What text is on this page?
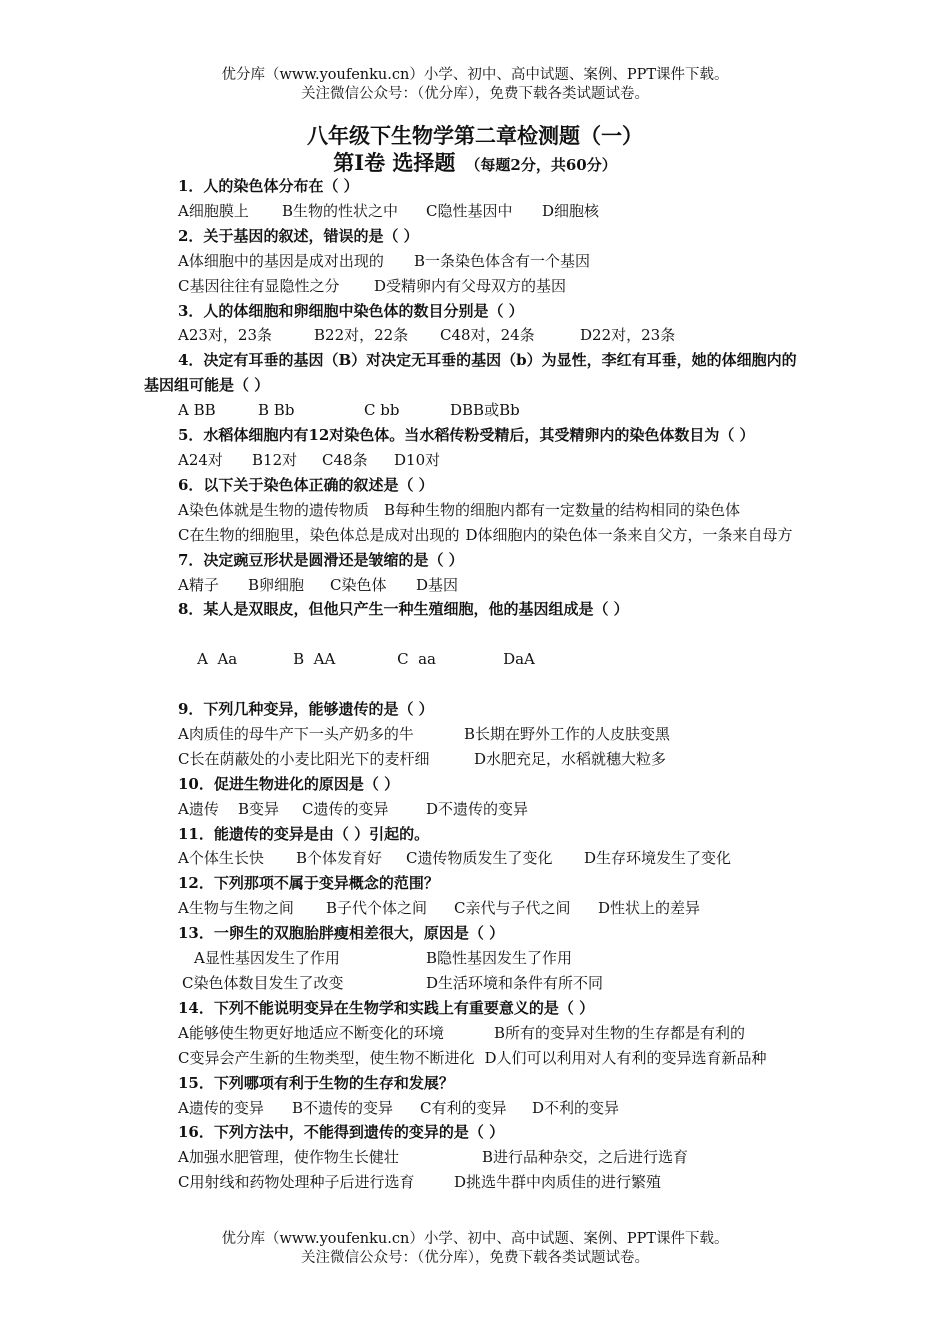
优分库（www.youfenku.cn）小学、初中、高中试题、案例、PPT课件下载。
关注微信公众号：（优分库），免费下载各类试题试卷。
八年级下生物学第二章检测题（一）
第Ⅰ卷 选择题 （每题2分，共60分）
1．人的染色体分布在（ ）
A细胞膜上 B生物的性状之中 C隐性基因中 D细胞核
2．关于基因的叙述，错误的是（ ）
A体细胞中的基因是成对出现的 B一条染色体含有一个基因
C基因往往有显隐性之分 D受精卵内有父母双方的基因
3．人的体细胞和卵细胞中染色体的数目分别是（ ）
A23对，23条	B22对，22条 C48对，24条	D22对，23条
4．决定有耳垂的基因（B）对决定无耳垂的基因（b）为显性，李红有耳垂，她的体细胞内的基因组可能是（ ）
A BB	B Bb	C bb	DBB或Bb
5．水稻体细胞内有12对染色体。当水稻传粉受精后，其受精卵内的染色体数目为（ ）
A24对 B12对 C48条 D10对
6．以下关于染色体正确的叙述是（ ）
A染色体就是生物的遗传物质 B每种生物的细胞内都有一定数量的结构相同的染色体
C在生物的细胞里，染色体总是成对出现的 D体细胞内的染色体一条来自父方，一条来自母方
7．决定豌豆形状是圆滑还是皱缩的是（ ）
A精子 B卵细胞 C染色体 D基因
8．某人是双眼皮，但他只产生一种生殖细胞，他的基因组成是（ ）

A  Aa	B  AA	C  aa	DaA

9．下列几种变异，能够遗传的是（ ）
A肉质佳的母牛产下一头产奶多的牛	B长期在野外工作的人皮肤变黑
C长在荫蔽处的小麦比阳光下的麦杆细	D水肥充足，水稻就穗大粒多
10．促进生物进化的原因是（ ）
A遗传 B变异 C遗传的变异	D不遗传的变异
11．能遗传的变异是由（ ）引起的。
A个体生长快 B个体发育好 C遗传物质发生了变化 D生存环境发生了变化
12．下列那项不属于变异概念的范围？
A生物与生物之间 B子代个体之间 C亲代与子代之间 D性状上的差异
13．一卵生的双胞胎胖瘦相差很大，原因是（ ）
A显性基因发生了作用	B隐性基因发生了作用
C染色体数目发生了改变	D生活环境和条件有所不同
14．下列不能说明变异在生物学和实践上有重要意义的是（ ）
A能够使生物更好地适应不断变化的环境	B所有的变异对生物的生存都是有利的
C变异会产生新的生物类型，使生物不断进化 D人们可以利用对人有利的变异选育新品种
15．下列哪项有利于生物的生存和发展？
A遗传的变异 B不遗传的变异 C有利的变异 D不利的变异
16．下列方法中，不能得到遗传的变异的是（ ）
A加强水肥管理，使作物生长健壮	B进行品种杂交，之后进行选育
C用射线和药物处理种子后进行选育	D挑选牛群中肉质佳的进行繁殖
优分库（www.youfenku.cn）小学、初中、高中试题、案例、PPT课件下载。
关注微信公众号：（优分库），免费下载各类试题试卷。
